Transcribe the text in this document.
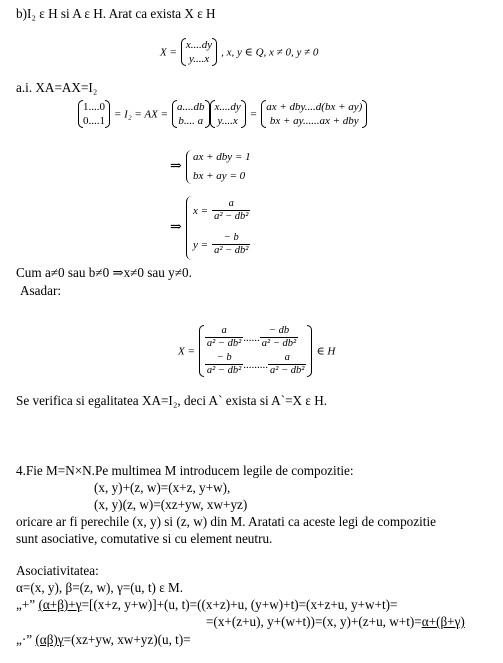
b)I₂ ε H si A ε H. Arat ca exista X ε H
X =
x....dy
y....x
, x, y ∈ Q, x ≠ 0, y ≠ 0
a.i. XA=AX=I₂
1....0
0....1
= I₂ = AX =
a....db
b.... a
x....dy
y....x
=
ax + dby....d(bx + ay)
bx + ay......ax + dby
⇒
ax + dby = 1
bx + ay = 0
⇒
$x = \frac{a}{\text{a² − db²}}$
$y = \frac{- b}{\text{a² − db²}}$
Cum a≠0 sau b≠0 ⇒x≠0 sau y≠0.
Asadar:
X =
$\frac{a}{\text{a² − db²}}$ ...... $\frac{- db}{\text{a² − db²}}$
$\frac{- b}{\text{a² − db²}}$ ......... $\frac{a}{\text{a² − db²}}$
∈ H
Se verifica si egalitatea XA=I₂, deci A` exista si A`=X ε H.
4.Fie M=N×N.Pe multimea M introducem legile de compozitie:
(x, y)+(z, w)=(x+z, y+w),
(x, y)(z, w)=(xz+yw, xw+yz)
oricare ar fi perechile (x, y) si (z, w) din M. Aratati ca aceste legi de compozitie
sunt asociative, comutative si cu element neutru.
Asociativitatea:
α=(x, y), β=(z, w), γ=(u, t) ε M.
„+” (α+β)+γ=[(x+z, y+w)]+(u, t)=((x+z)+u, (y+w)+t)=(x+z+u, y+w+t)=
=(x+(z+u), y+(w+t))=(x, y)+(z+u, w+t)=α+(β+γ)
„·” (αβ)γ=(xz+yw, xw+yz)(u, t)=
